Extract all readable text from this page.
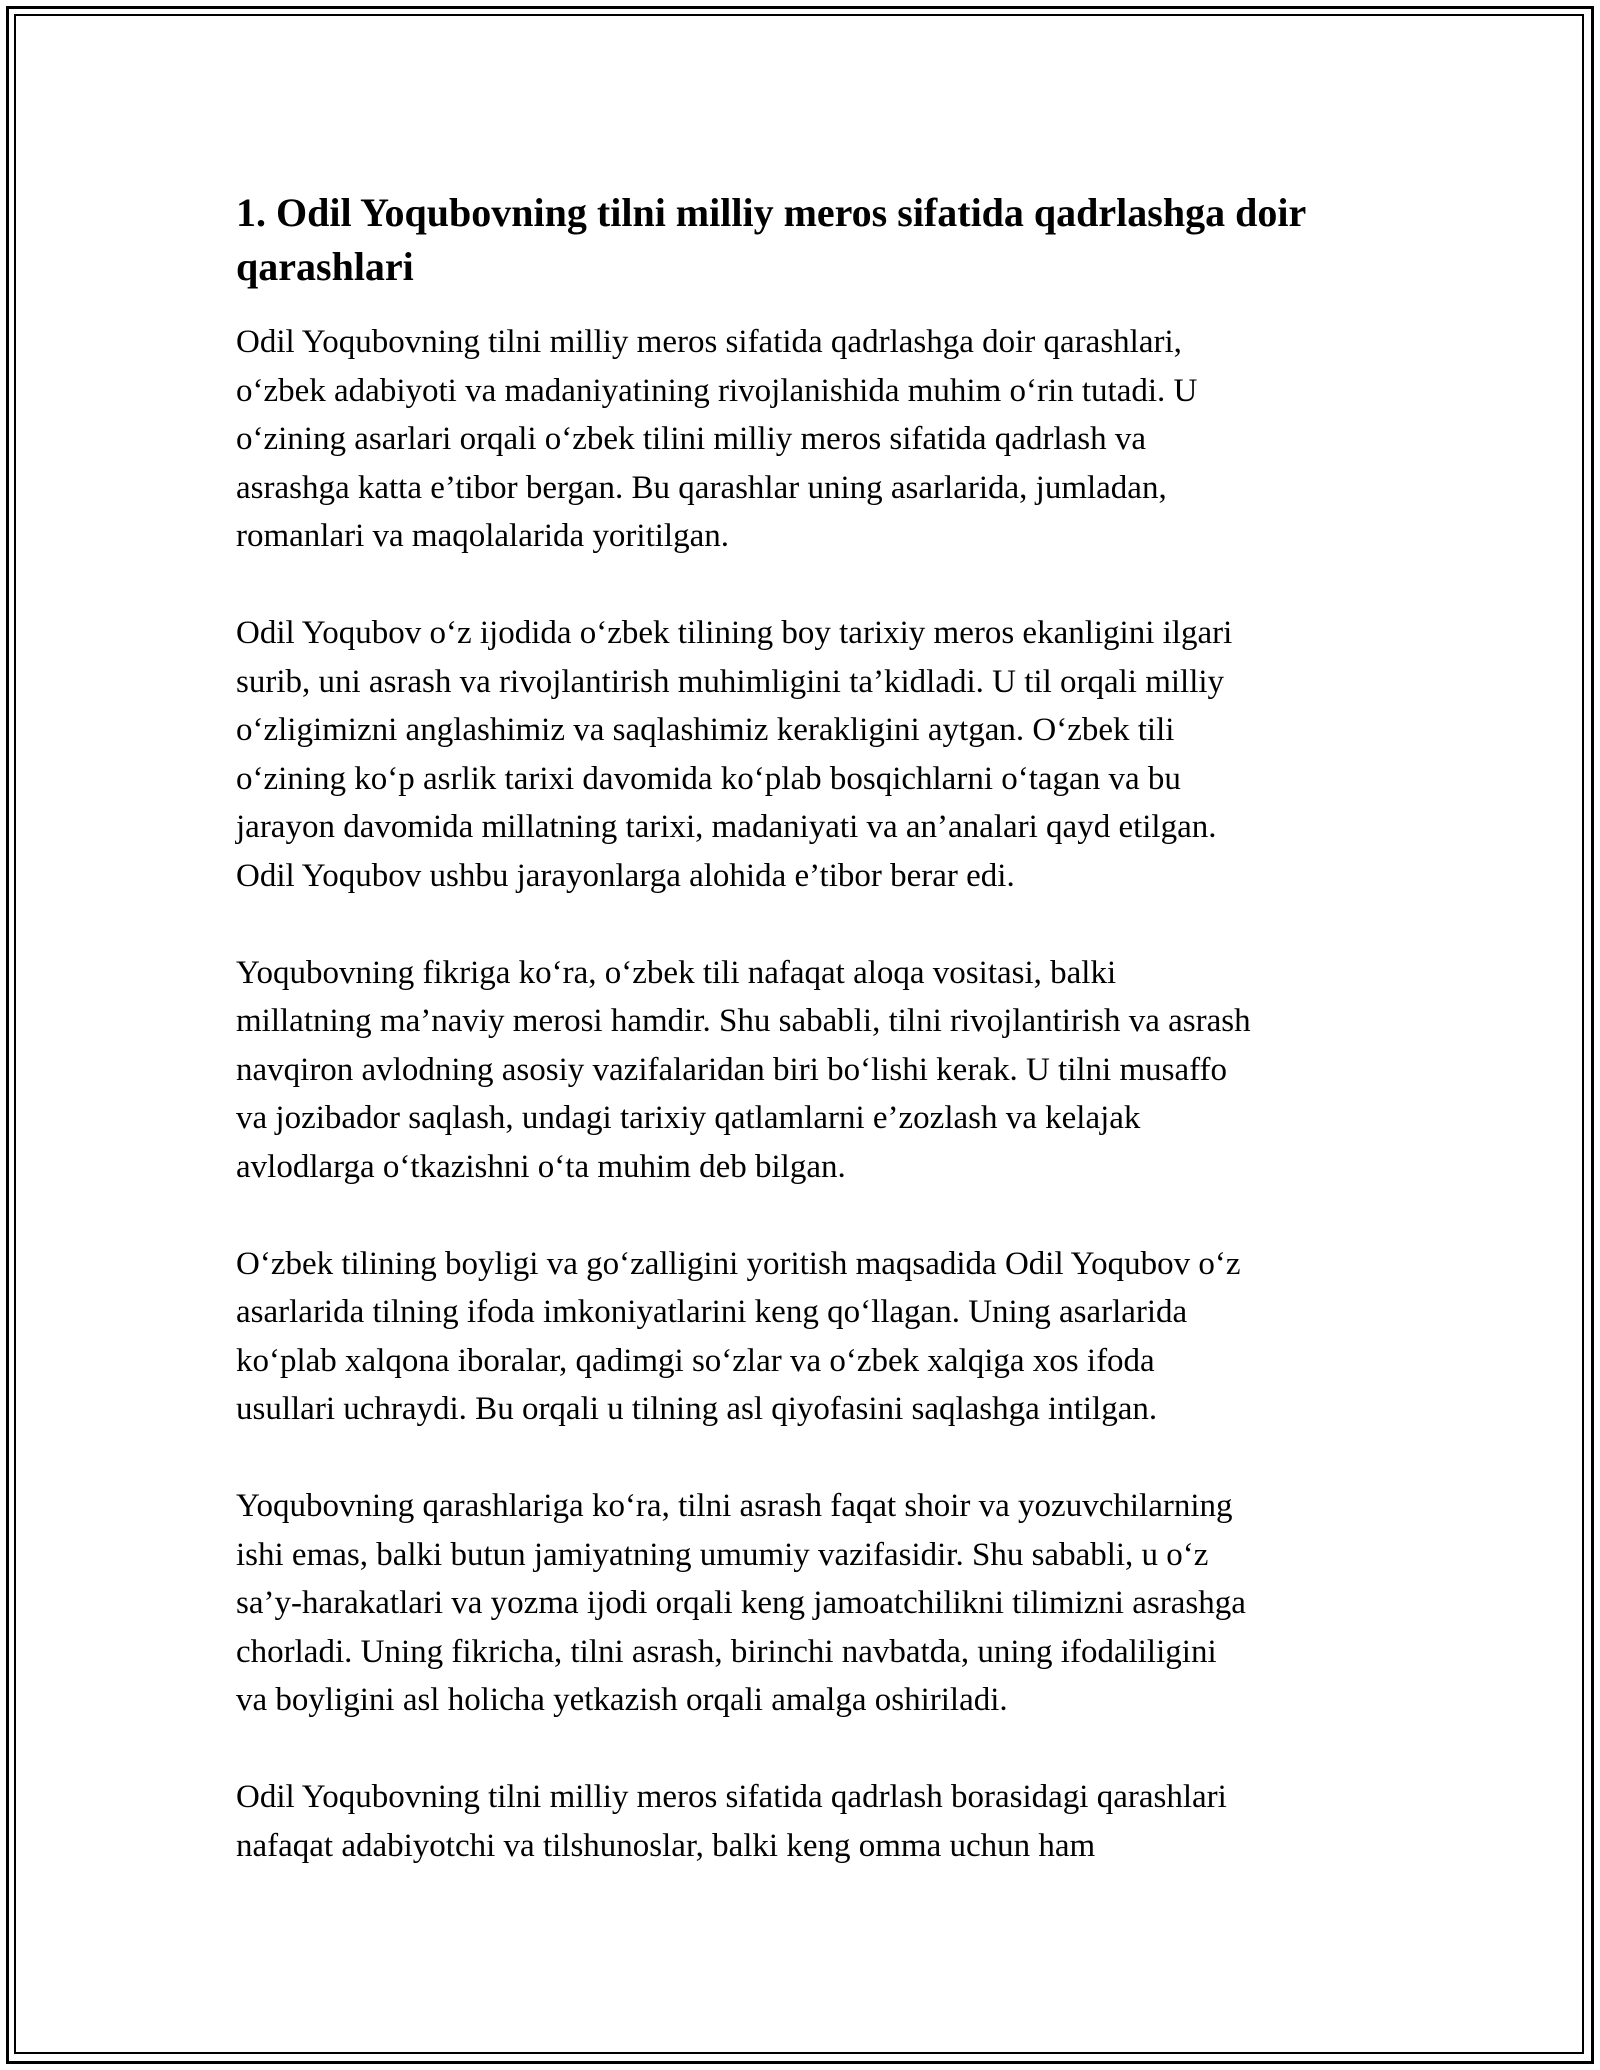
1. Odil Yoqubovning tilni milliy meros sifatida qadrlashga doir qarashlari

Odil Yoqubovning tilni milliy meros sifatida qadrlashga doir qarashlari,
o‘zbek adabiyoti va madaniyatining rivojlanishida muhim o‘rin tutadi. U
o‘zining asarlari orqali o‘zbek tilini milliy meros sifatida qadrlash va
asrashga katta e’tibor bergan. Bu qarashlar uning asarlarida, jumladan,
romanlari va maqolalarida yoritilgan.

Odil Yoqubov o‘z ijodida o‘zbek tilining boy tarixiy meros ekanligini ilgari
surib, uni asrash va rivojlantirish muhimligini ta’kidladi. U til orqali milliy
o‘zligimizni anglashimiz va saqlashimiz kerakligini aytgan. O‘zbek tili
o‘zining ko‘p asrlik tarixi davomida ko‘plab bosqichlarni o‘tagan va bu
jarayon davomida millatning tarixi, madaniyati va an’analari qayd etilgan.
Odil Yoqubov ushbu jarayonlarga alohida e’tibor berar edi.

Yoqubovning fikriga ko‘ra, o‘zbek tili nafaqat aloqa vositasi, balki
millatning ma’naviy merosi hamdir. Shu sababli, tilni rivojlantirish va asrash
navqiron avlodning asosiy vazifalaridan biri bo‘lishi kerak. U tilni musaffo
va jozibador saqlash, undagi tarixiy qatlamlarni e’zozlash va kelajak
avlodlarga o‘tkazishni o‘ta muhim deb bilgan.

O‘zbek tilining boyligi va go‘zalligini yoritish maqsadida Odil Yoqubov o‘z
asarlarida tilning ifoda imkoniyatlarini keng qo‘llagan. Uning asarlarida
ko‘plab xalqona iboralar, qadimgi so‘zlar va o‘zbek xalqiga xos ifoda
usullari uchraydi. Bu orqali u tilning asl qiyofasini saqlashga intilgan.

Yoqubovning qarashlariga ko‘ra, tilni asrash faqat shoir va yozuvchilarning
ishi emas, balki butun jamiyatning umumiy vazifasidir. Shu sababli, u o‘z
sa’y-harakatlari va yozma ijodi orqali keng jamoatchilikni tilimizni asrashga
chorladi. Uning fikricha, tilni asrash, birinchi navbatda, uning ifodaliligini
va boyligini asl holicha yetkazish orqali amalga oshiriladi.

Odil Yoqubovning tilni milliy meros sifatida qadrlash borasidagi qarashlari
nafaqat adabiyotchi va tilshunoslar, balki keng omma uchun ham
